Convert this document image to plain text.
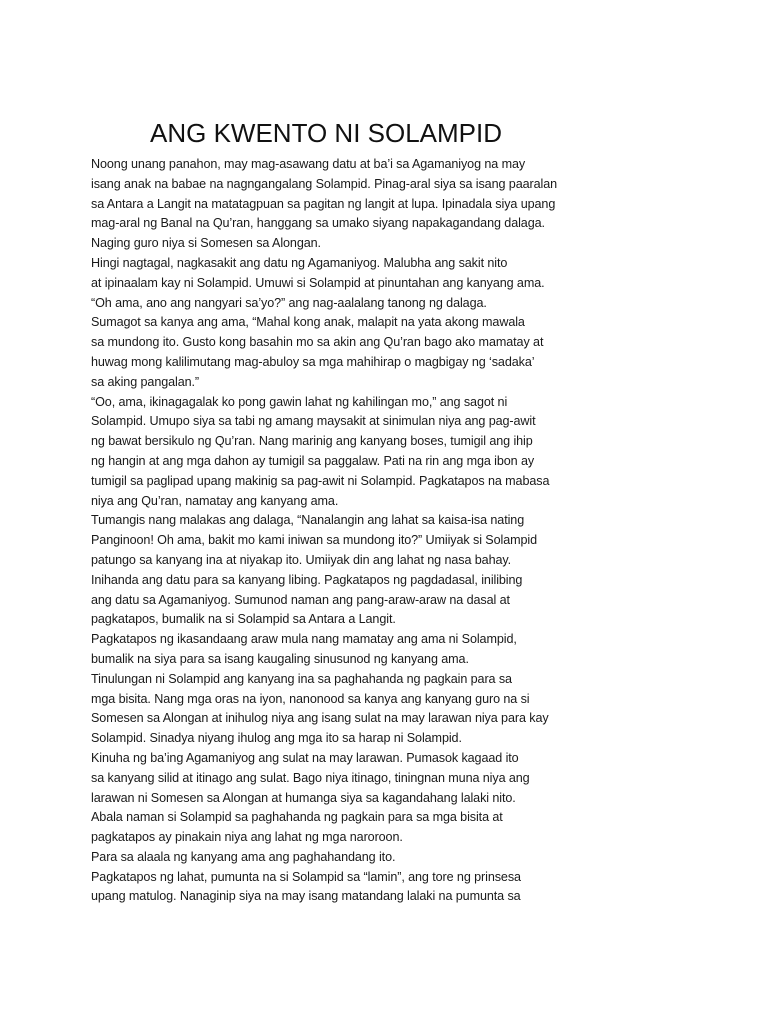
ANG KWENTO NI SOLAMPID
Noong unang panahon, may mag-asawang datu at ba’i sa Agamaniyog na may
isang anak na babae na nagngangalang Solampid. Pinag-aral siya sa isang paaralan
sa Antara a Langit na matatagpuan sa pagitan ng langit at lupa. Ipinadala siya upang
mag-aral ng Banal na Qu’ran, hanggang sa umako siyang napakagandang dalaga.
Naging guro niya si Somesen sa Alongan.
Hingi nagtagal, nagkasakit ang datu ng Agamaniyog. Malubha ang sakit nito
at ipinaalam kay ni Solampid. Umuwi si Solampid at pinuntahan ang kanyang ama.
“Oh ama, ano ang nangyari sa’yo?” ang nag-aalalang tanong ng dalaga.
Sumagot sa kanya ang ama, “Mahal kong anak, malapit na yata akong mawala
sa mundong ito. Gusto kong basahin mo sa akin ang Qu’ran bago ako mamatay at
huwag mong kalilimutang mag-abuloy sa mga mahihirap o magbigay ng ‘sadaka’
sa aking pangalan.”
“Oo, ama, ikinagagalak ko pong gawin lahat ng kahilingan mo,” ang sagot ni
Solampid. Umupo siya sa tabi ng amang maysakit at sinimulan niya ang pag-awit
ng bawat bersikulo ng Qu’ran. Nang marinig ang kanyang boses, tumigil ang ihip
ng hangin at ang mga dahon ay tumigil sa paggalaw. Pati na rin ang mga ibon ay
tumigil sa paglipad upang makinig sa pag-awit ni Solampid. Pagkatapos na mabasa
niya ang Qu’ran, namatay ang kanyang ama.
Tumangis nang malakas ang dalaga, “Nanalangin ang lahat sa kaisa-isa nating
Panginoon! Oh ama, bakit mo kami iniwan sa mundong ito?” Umiiyak si Solampid
patungo sa kanyang ina at niyakap ito. Umiiyak din ang lahat ng nasa bahay.
Inihanda ang datu para sa kanyang libing. Pagkatapos ng pagdadasal, inilibing
ang datu sa Agamaniyog. Sumunod naman ang pang-araw-araw na dasal at
pagkatapos, bumalik na si Solampid sa Antara a Langit.
Pagkatapos ng ikasandaang araw mula nang mamatay ang ama ni Solampid,
bumalik na siya para sa isang kaugaling sinusunod ng kanyang ama.
Tinulungan ni Solampid ang kanyang ina sa paghahanda ng pagkain para sa
mga bisita. Nang mga oras na iyon, nanonood sa kanya ang kanyang guro na si
Somesen sa Alongan at inihulog niya ang isang sulat na may larawan niya para kay
Solampid. Sinadya niyang ihulog ang mga ito sa harap ni Solampid.
Kinuha ng ba’ing Agamaniyog ang sulat na may larawan. Pumasok kagaad ito
sa kanyang silid at itinago ang sulat. Bago niya itinago, tiningnan muna niya ang
larawan ni Somesen sa Alongan at humanga siya sa kagandahang lalaki nito.
Abala naman si Solampid sa paghahanda ng pagkain para sa mga bisita at
pagkatapos ay pinakain niya ang lahat ng mga naroroon.
Para sa alaala ng kanyang ama ang paghahandang ito.
Pagkatapos ng lahat, pumunta na si Solampid sa “lamin”, ang tore ng prinsesa
upang matulog. Nanaginip siya na may isang matandang lalaki na pumunta sa
